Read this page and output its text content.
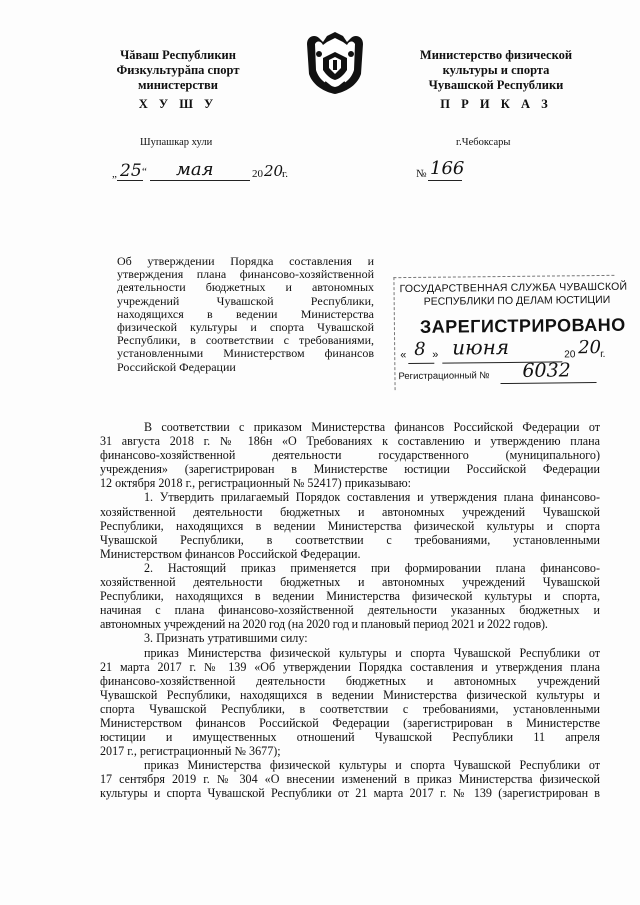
Чăваш Республикин
Физкультурăпа спорт
министерстви
Х У Ш У
Шупашкар хули
Министерство физической
культуры и спорта
Чувашской Республики
П Р И К А З
г.Чебоксары
„ 25 “ мая	20 20
г.	№ 166
Об утверждении Порядка составления и
утверждения плана финансово-хозяйственной
деятельности бюджетных и автономных
учреждений Чувашской Республики,
находящихся в ведении Министерства
физической культуры и спорта Чувашской
Республики, в соответствии с требованиями,
установленными Министерством финансов
Российской Федерации
ГОСУДАРСТВЕННАЯ СЛУЖБА ЧУВАШСКОЙ
РЕСПУБЛИКИ ПО ДЕЛАМ ЮСТИЦИИ
ЗАРЕГИСТРИРОВАНО
« 8 » июня	20 20
г.
Регистрационный № 6032
В соответствии с приказом Министерства финансов Российской Федерации от
31 августа 2018 г. № 186н «О Требованиях к составлению и утверждению плана
финансово-хозяйственной деятельности государственного (муниципального)
учреждения» (зарегистрирован в Министерстве юстиции Российской Федерации
12 октября 2018 г., регистрационный № 52417) приказываю:
1. Утвердить прилагаемый Порядок составления и утверждения плана финансово-
хозяйственной деятельности бюджетных и автономных учреждений Чувашской
Республики, находящихся в ведении Министерства физической культуры и спорта
Чувашской Республики, в соответствии с требованиями, установленными
Министерством финансов Российской Федерации.
2. Настоящий приказ применяется при формировании плана финансово-
хозяйственной деятельности бюджетных и автономных учреждений Чувашской
Республики, находящихся в ведении Министерства физической культуры и спорта,
начиная с плана финансово-хозяйственной деятельности указанных бюджетных и
автономных учреждений на 2020 год (на 2020 год и плановый период 2021 и 2022 годов).
3. Признать утратившими силу:
приказ Министерства физической культуры и спорта Чувашской Республики от
21 марта 2017 г. № 139 «Об утверждении Порядка составления и утверждения плана
финансово-хозяйственной деятельности бюджетных и автономных учреждений
Чувашской Республики, находящихся в ведении Министерства физической культуры и
спорта Чувашской Республики, в соответствии с требованиями, установленными
Министерством финансов Российской Федерации (зарегистрирован в Министерстве
юстиции и имущественных отношений Чувашской Республики 11 апреля
2017 г., регистрационный № 3677);
приказ Министерства физической культуры и спорта Чувашской Республики от
17 сентября 2019 г. № 304 «О внесении изменений в приказ Министерства физической
культуры и спорта Чувашской Республики от 21 марта 2017 г. № 139 (зарегистрирован в
